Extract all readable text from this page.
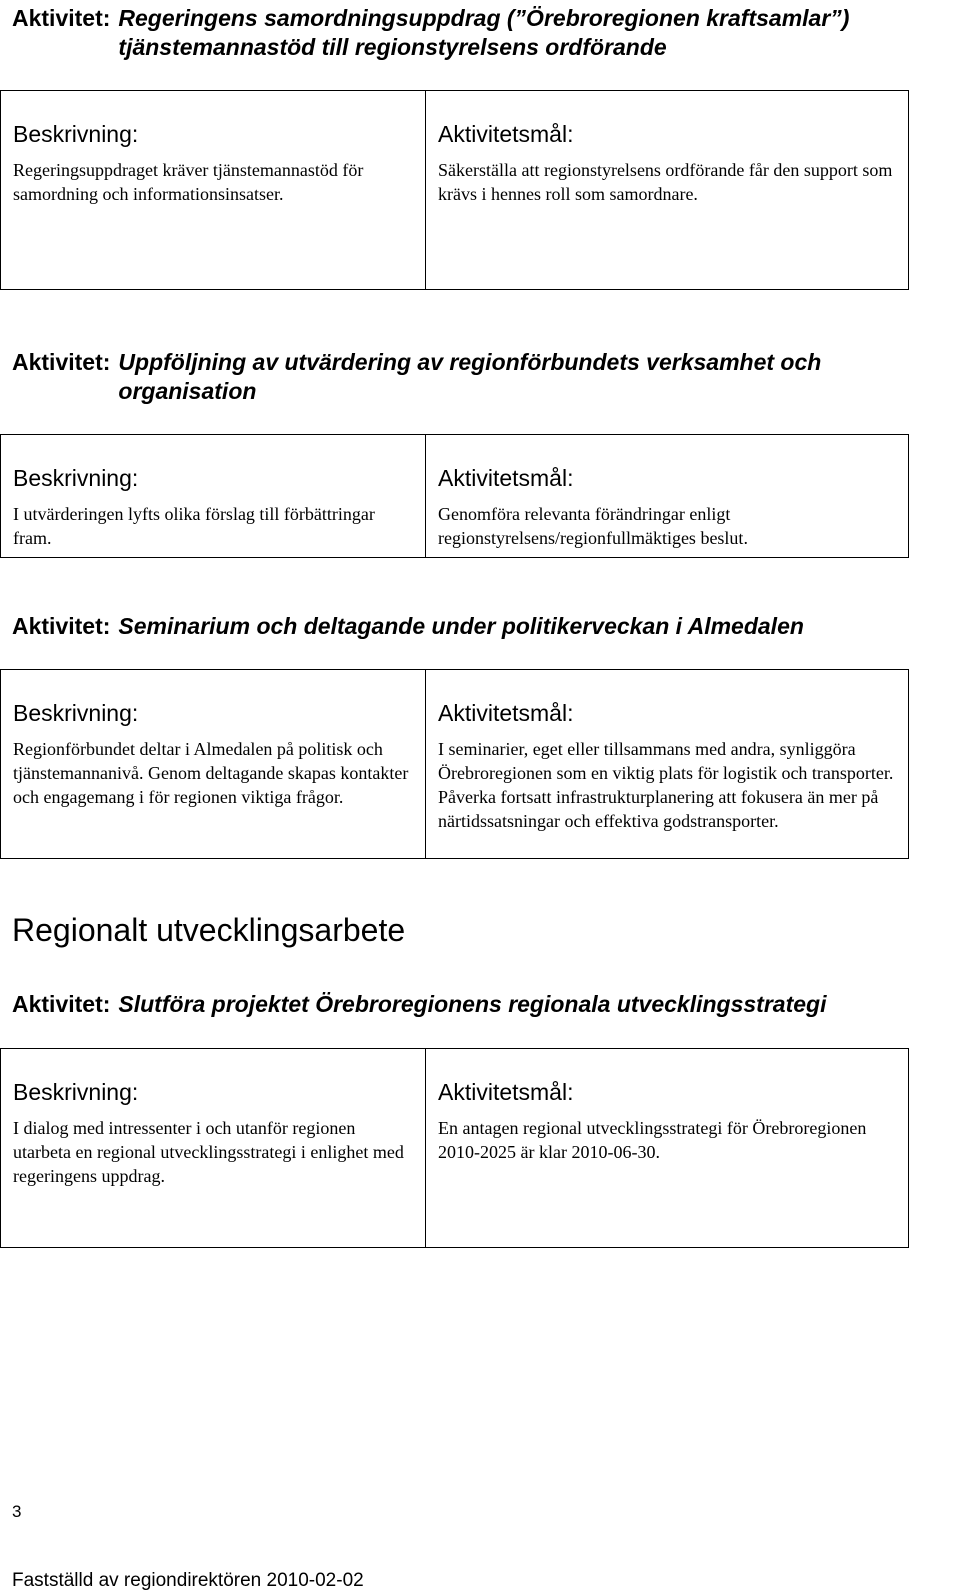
Aktivitet: Regeringens samordningsuppdrag (”Örebroregionen kraftsamlar”) tjänstemannastöd till regionstyrelsens ordförande
Beskrivning:
Regeringsuppdraget kräver tjänstemannastöd för samordning och informationsinsatser.

Aktivitetsmål:
Säkerställa att regionstyrelsens ordförande får den support som krävs i hennes roll som samordnare.
Aktivitet: Uppföljning av utvärdering av regionförbundets verksamhet och organisation
Beskrivning:
I utvärderingen lyfts olika förslag till förbättringar fram.

Aktivitetsmål:
Genomföra relevanta förändringar enligt regionstyrelsens/regionfullmäktiges beslut.
Aktivitet: Seminarium och deltagande under politikerveckan i Almedalen
Beskrivning:
Regionförbundet deltar i Almedalen på politisk och tjänstemannanivå. Genom deltagande skapas kontakter och engagemang i för regionen viktiga frågor.

Aktivitetsmål:
I seminarier, eget eller tillsammans med andra, synliggöra Örebroregionen som en viktig plats för logistik och transporter. Påverka fortsatt infrastrukturplanering att fokusera än mer på närtidssatsningar och effektiva godstransporter.
Regionalt utvecklingsarbete
Aktivitet: Slutföra projektet Örebroregionens regionala utvecklingsstrategi
Beskrivning:
I dialog med intressenter i och utanför regionen utarbeta en regional utvecklingsstrategi i enlighet med regeringens uppdrag.

Aktivitetsmål:
En antagen regional utvecklingsstrategi för Örebroregionen 2010-2025 är klar 2010-06-30.
3
Fastställd av regiondirektören 2010-02-02
